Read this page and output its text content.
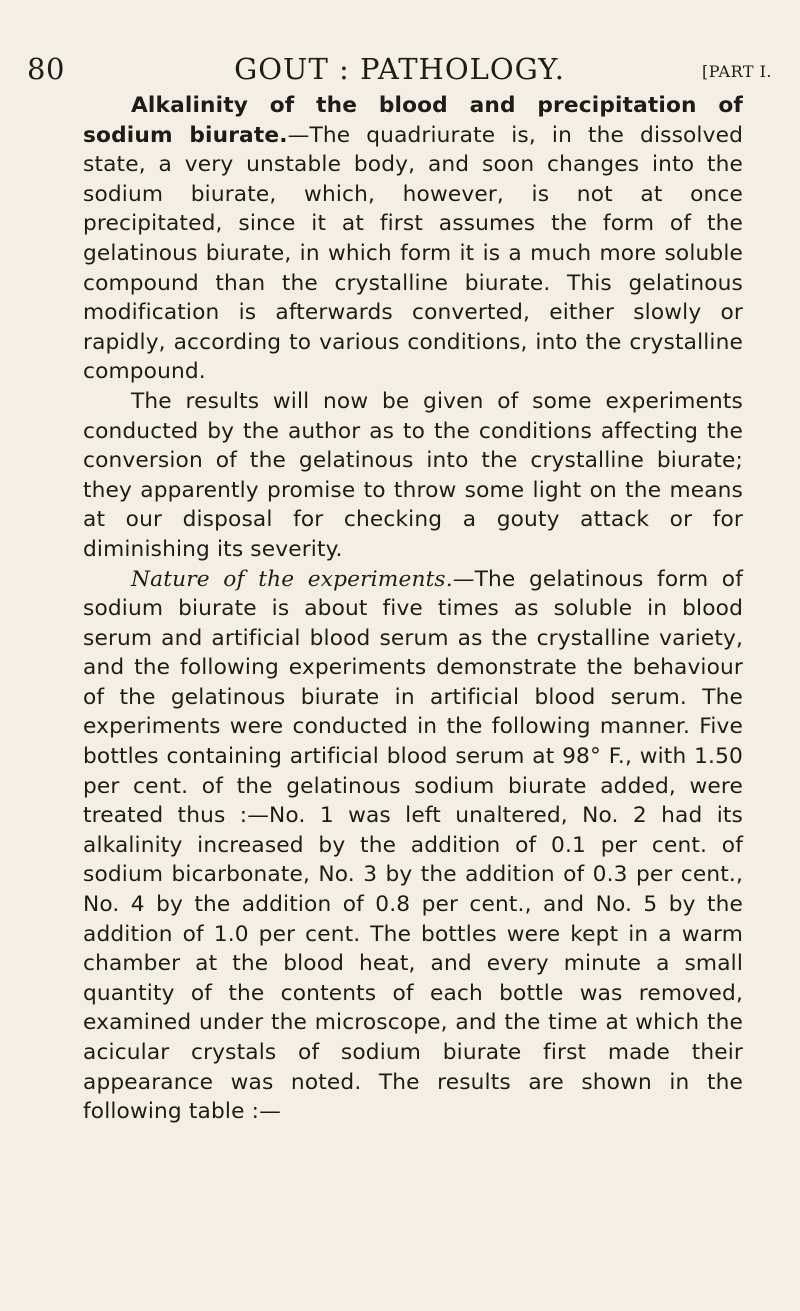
80	GOUT : PATHOLOGY.	[PART I.

Alkalinity of the blood and precipitation of sodium biurate.—The quadriurate is, in the dissolved state, a very unstable body, and soon changes into the sodium biurate, which, however, is not at once precipitated, since it at first assumes the form of the gelatinous biurate, in which form it is a much more soluble compound than the crystalline biurate. This gelatinous modification is afterwards converted, either slowly or rapidly, according to various conditions, into the crystalline compound.

The results will now be given of some experiments conducted by the author as to the conditions affecting the conversion of the gelatinous into the crystalline biurate; they apparently promise to throw some light on the means at our disposal for checking a gouty attack or for diminishing its severity.

Nature of the experiments.—The gelatinous form of sodium biurate is about five times as soluble in blood serum and artificial blood serum as the crystalline variety, and the following experiments demonstrate the behaviour of the gelatinous biurate in artificial blood serum. The experiments were conducted in the following manner. Five bottles containing artificial blood serum at 98° F., with 1.50 per cent. of the gelatinous sodium biurate added, were treated thus :—No. 1 was left unaltered, No. 2 had its alkalinity increased by the addition of 0.1 per cent. of sodium bicarbonate, No. 3 by the addition of 0.3 per cent., No. 4 by the addition of 0.8 per cent., and No. 5 by the addition of 1.0 per cent. The bottles were kept in a warm chamber at the blood heat, and every minute a small quantity of the contents of each bottle was removed, examined under the microscope, and the time at which the acicular crystals of sodium biurate first made their appearance was noted. The results are shown in the following table :—
